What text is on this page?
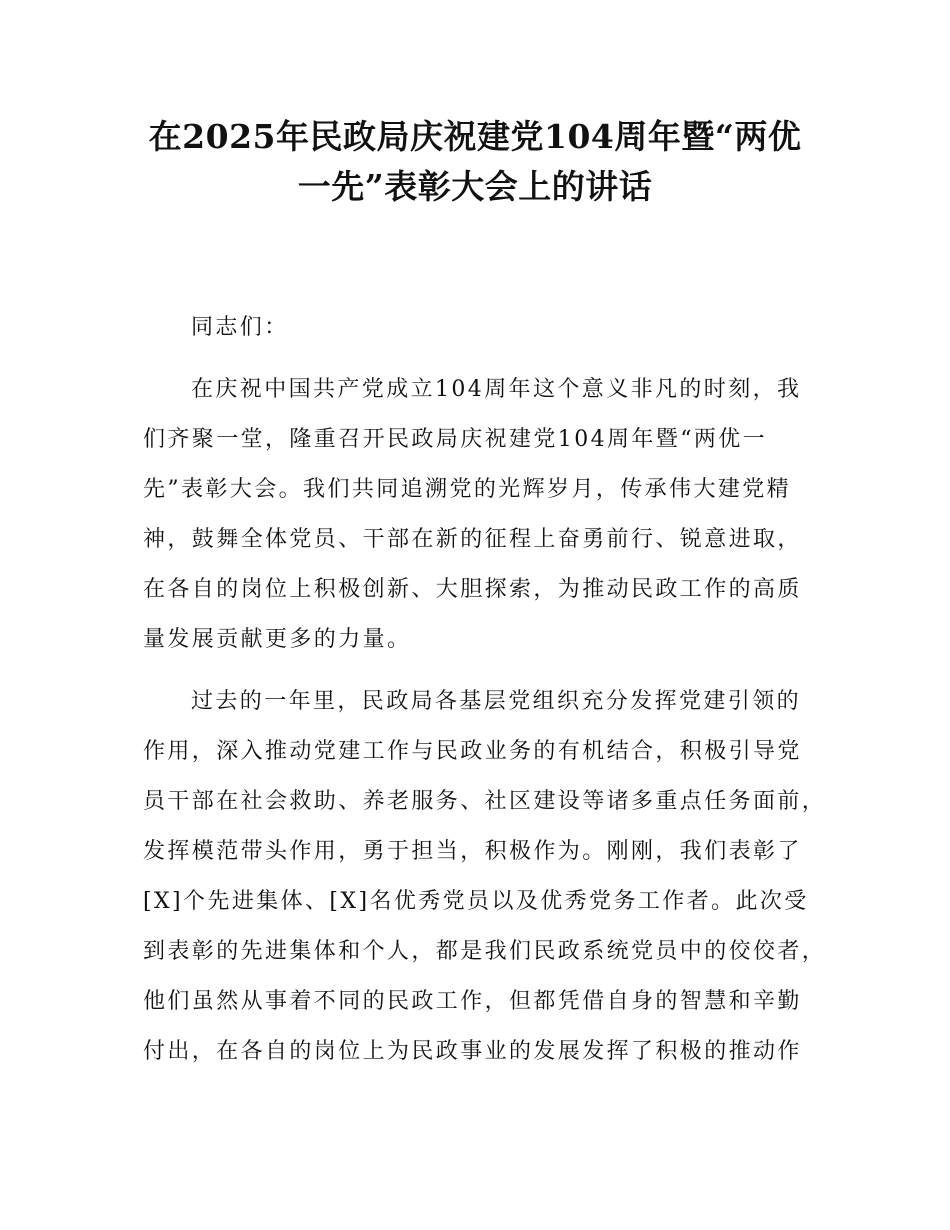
在2025年民政局庆祝建党104周年暨“两优
一先”表彰大会上的讲话
同志们：
在庆祝中国共产党成立104周年这个意义非凡的时刻，我
们齐聚一堂，隆重召开民政局庆祝建党104周年暨“两优一
先”表彰大会。我们共同追溯党的光辉岁月，传承伟大建党精
神，鼓舞全体党员、干部在新的征程上奋勇前行、锐意进取，
在各自的岗位上积极创新、大胆探索，为推动民政工作的高质
量发展贡献更多的力量。
过去的一年里，民政局各基层党组织充分发挥党建引领的
作用，深入推动党建工作与民政业务的有机结合，积极引导党
员干部在社会救助、养老服务、社区建设等诸多重点任务面前，
发挥模范带头作用，勇于担当，积极作为。刚刚，我们表彰了
[X]个先进集体、[X]名优秀党员以及优秀党务工作者。此次受
到表彰的先进集体和个人，都是我们民政系统党员中的佼佼者，
他们虽然从事着不同的民政工作，但都凭借自身的智慧和辛勤
付出，在各自的岗位上为民政事业的发展发挥了积极的推动作
